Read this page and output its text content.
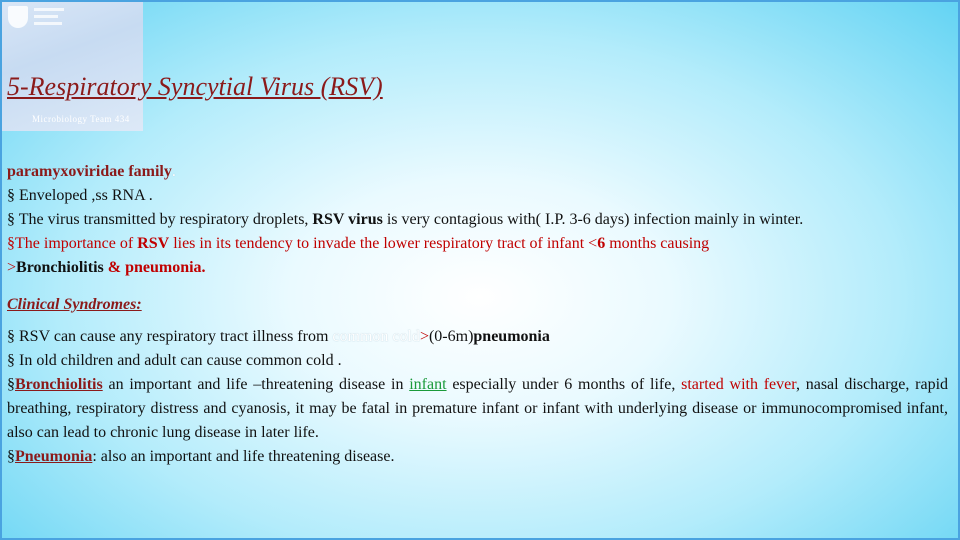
Microbiology Team 434
5-Respiratory Syncytial Virus (RSV)

paramyxoviridae family.

§ Enveloped ,ss RNA .

§ The virus transmitted by respiratory droplets, RSV virus is very contagious with( I.P. 3-6 days) infection mainly in winter.

§The importance of RSV lies in its tendency to invade the lower respiratory tract of infant <6 months causing

>Bronchiolitis & pneumonia.

Clinical Syndromes:

§ RSV can cause any respiratory tract illness from common cold>(0-6m)pneumonia

§ In old children and adult can cause common cold .

§Bronchiolitis an important and life –threatening disease in infant especially under 6 months of life, started with fever, nasal discharge, rapid breathing, respiratory distress and cyanosis, it may be fatal in premature infant or infant with underlying disease or immunocompromised infant, also can lead to chronic lung disease in later life.

§Pneumonia: also an important and life threatening disease.
